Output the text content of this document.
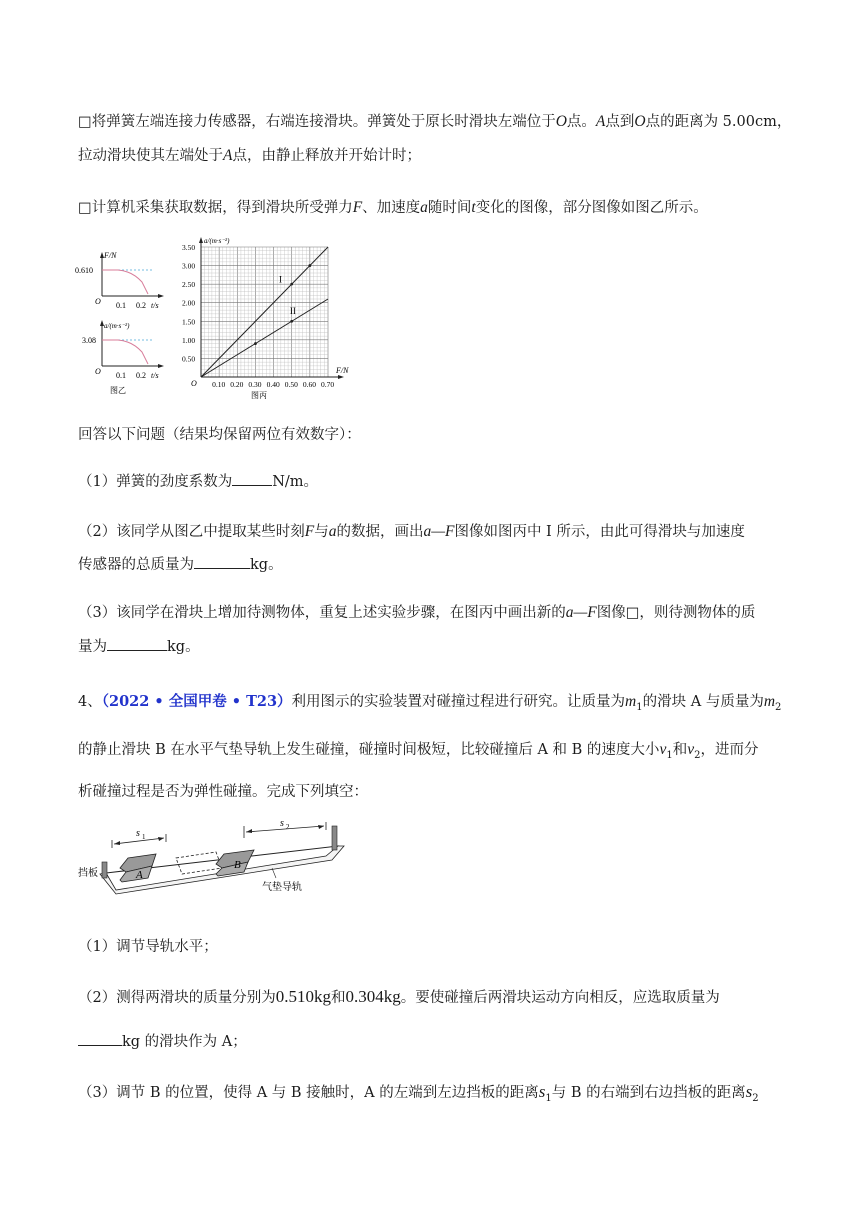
□将弹簧左端连接力传感器，右端连接滑块。弹簧处于原长时滑块左端位于O点。A点到O点的距离为 5.00cm，
拉动滑块使其左端处于A点，由静止释放并开始计时；
□计算机采集获取数据，得到滑块所受弹力F、加速度a随时间t变化的图像，部分图像如图乙所示。
F/N
0.610
O 0.1 0.2 t/s
a/(m·s⁻²)
3.08
O 0.1 0.2 t/s
图乙
0.10 0.20 0.30 0.40 0.50 0.60 0.70
0.50
1.00
1.50
2.00
2.50
3.00
3.50
I
II
F/N
a/(m·s⁻²)
O
图丙
回答以下问题（结果均保留两位有效数字）：
（1）弹簧的劲度系数为	N/m。
（2）该同学从图乙中提取某些时刻F与a的数据，画出a—F图像如图丙中 I 所示，由此可得滑块与加速度
传感器的总质量为	kg。
（3）该同学在滑块上增加待测物体，重复上述实验步骤，在图丙中画出新的a—F图像□，则待测物体的质
量为	kg。
4、（2022 • 全国甲卷 • T23）利用图示的实验装置对碰撞过程进行研究。让质量为$m_1$的滑块 A 与质量为$m_2$
的静止滑块 B 在水平气垫导轨上发生碰撞，碰撞时间极短，比较碰撞后 A 和 B 的速度大小$v_1$和$v_2$，进而分
析碰撞过程是否为弹性碰撞。完成下列填空：
A
B
s 1
s 2
挡板
气垫导轨
（1）调节导轨水平；
（2）测得两滑块的质量分别为0.510kg和0.304kg。要使碰撞后两滑块运动方向相反，应选取质量为
kg 的滑块作为 A；
（3）调节 B 的位置，使得 A 与 B 接触时，A 的左端到左边挡板的距离$s_1$与 B 的右端到右边挡板的距离$s_2$
